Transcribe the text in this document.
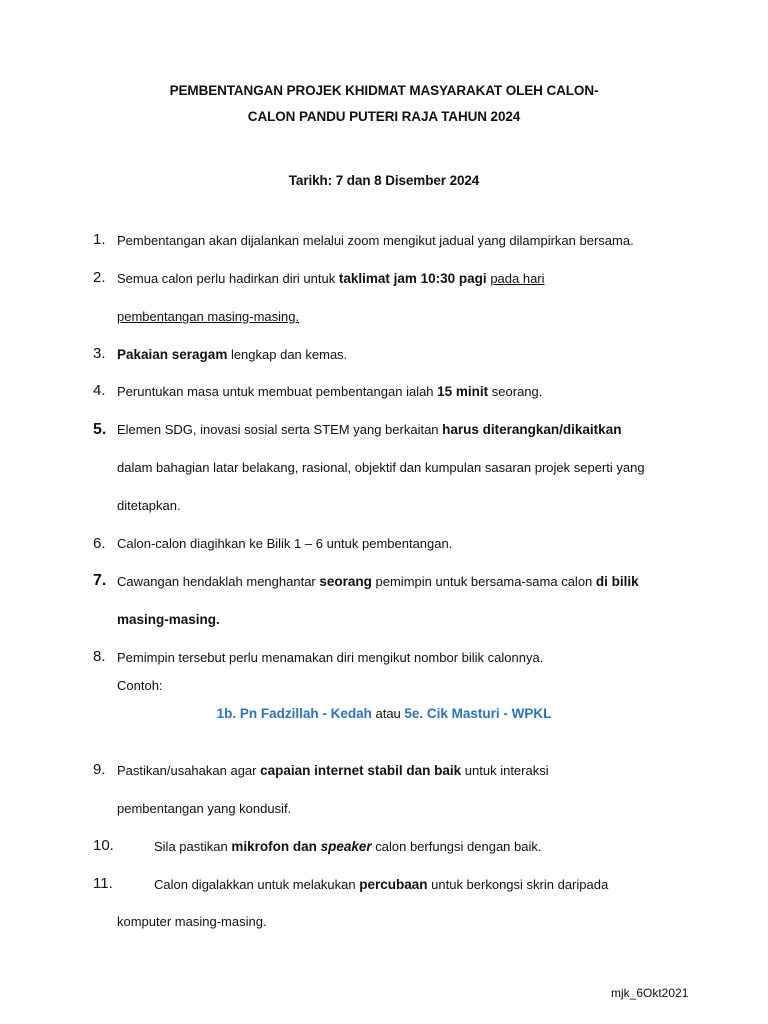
PEMBENTANGAN PROJEK KHIDMAT MASYARAKAT OLEH CALON-
CALON PANDU PUTERI RAJA TAHUN 2024
Tarikh: 7 dan 8 Disember 2024
1. Pembentangan akan dijalankan melalui zoom mengikut jadual yang dilampirkan bersama.
2. Semua calon perlu hadirkan diri untuk taklimat jam 10:30 pagi pada hari
pembentangan masing-masing.
3. Pakaian seragam lengkap dan kemas.
4. Peruntukan masa untuk membuat pembentangan ialah 15 minit seorang.
5. Elemen SDG, inovasi sosial serta STEM yang berkaitan harus diterangkan/dikaitkan
dalam bahagian latar belakang, rasional, objektif dan kumpulan sasaran projek seperti yang
ditetapkan.
6. Calon-calon diagihkan ke Bilik 1 – 6 untuk pembentangan.
7. Cawangan hendaklah menghantar seorang pemimpin untuk bersama-sama calon di bilik
masing-masing.
8. Pemimpin tersebut perlu menamakan diri mengikut nombor bilik calonnya.
Contoh:
1b. Pn Fadzillah - Kedah atau 5e. Cik Masturi - WPKL
9. Pastikan/usahakan agar capaian internet stabil dan baik untuk interaksi
pembentangan yang kondusif.
10.	Sila pastikan mikrofon dan speaker calon berfungsi dengan baik.
11.	Calon digalakkan untuk melakukan percubaan untuk berkongsi skrin daripada
komputer masing-masing.
mjk_6Okt2021
